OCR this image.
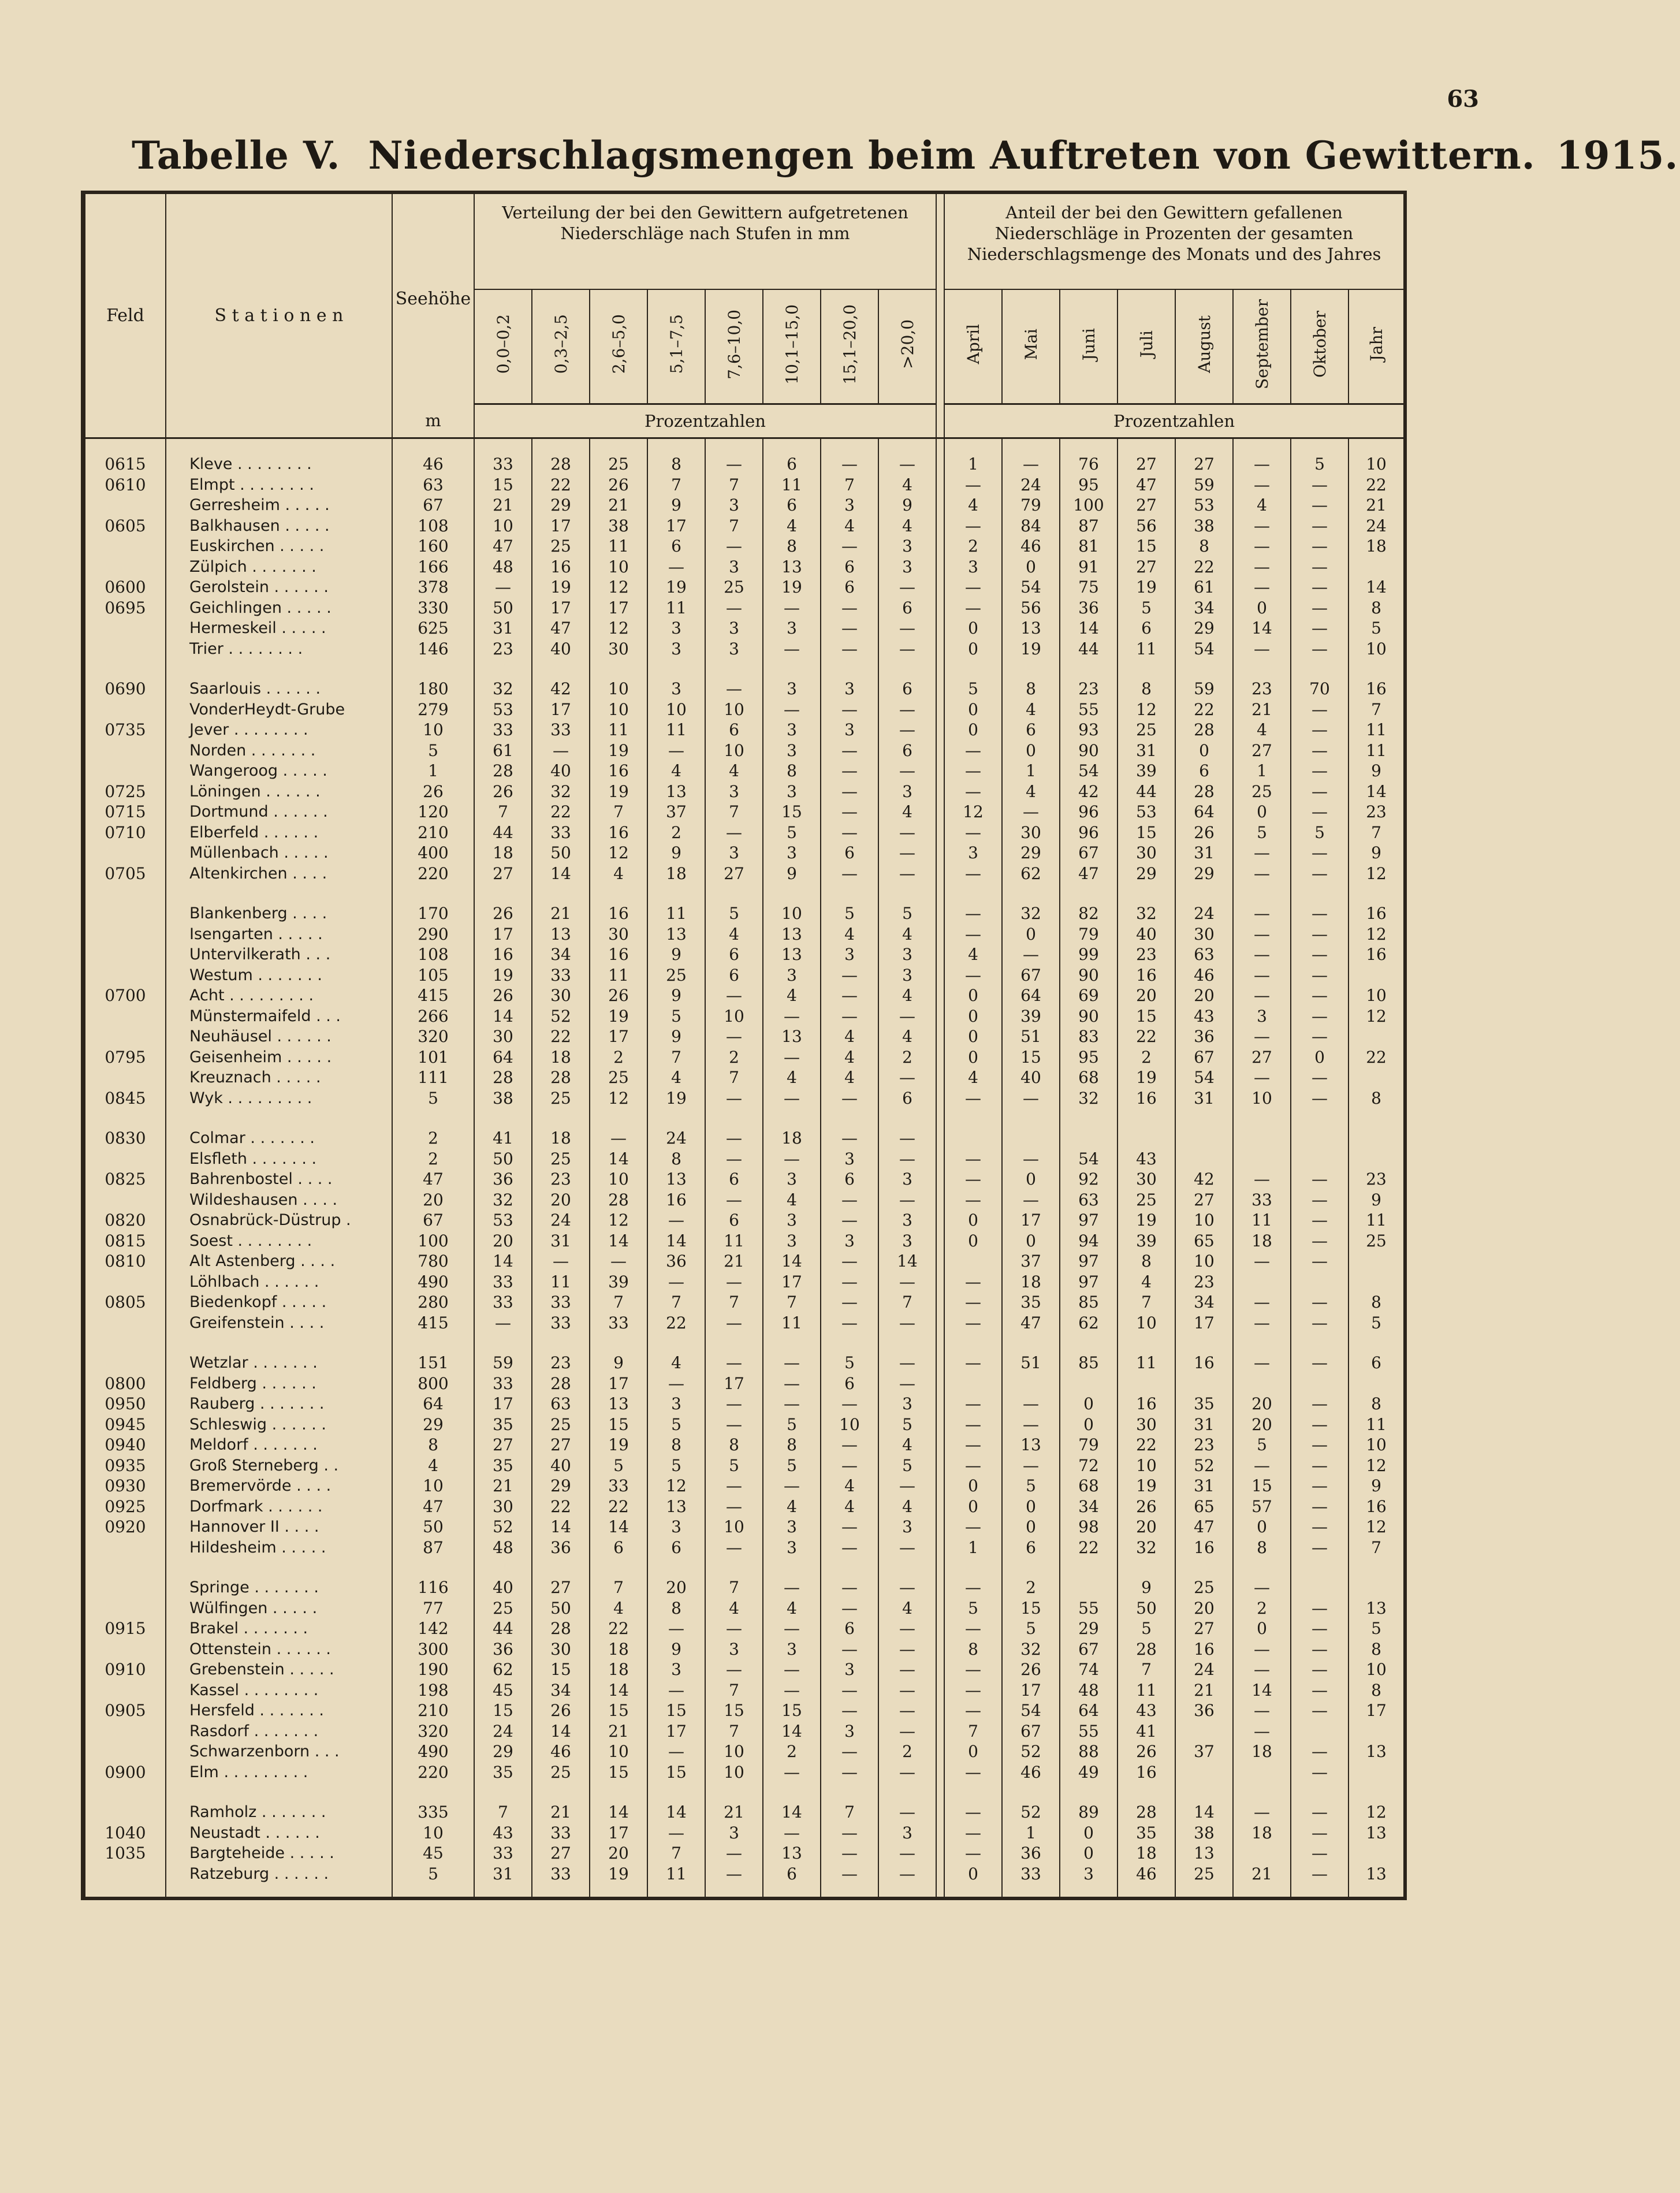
63
Tabelle V. Niederschlagsmengen beim Auftreten von Gewittern. 1915.
Feld	S t a t i o n e n	Seehöhe	Verteilung der bei den Gewittern aufgetretenen Niederschläge nach Stufen in mm									Anteil der bei den Gewittern gefallenen Niederschläge in Prozenten der gesamten Niederschlagsmenge des Monats und des Jahres							
			0,0–0,2	0,3–2,5	2,6–5,0	5,1–7,5	7,6–10,0	10,1–15,0	15,1–20,0	>20,0		April	Mai	Juni	Juli	August	September	Oktober	Jahr
		m	Prozentzahlen									Prozentzahlen							

0615	Kleve . . . . . . . .	46	33	28	25	8	—	6	—	—		1	—	76	27	27	—	5	10
0610	Elmpt . . . . . . . .	63	15	22	26	7	7	11	7	4		—	24	95	47	59	—	—	22
	Gerresheim . . . . .	67	21	29	21	9	3	6	3	9		4	79	100	27	53	4	—	21
0605	Balkhausen . . . . .	108	10	17	38	17	7	4	4	4		—	84	87	56	38	—	—	24
	Euskirchen . . . . .	160	47	25	11	6	—	8	—	3		2	46	81	15	8	—	—	18
	Zülpich . . . . . . .	166	48	16	10	—	3	13	6	3		3	0	91	27	22	—	—	
0600	Gerolstein . . . . . .	378	—	19	12	19	25	19	6	—		—	54	75	19	61	—	—	14
0695	Geichlingen . . . . .	330	50	17	17	11	—	—	—	6		—	56	36	5	34	0	—	8
	Hermeskeil . . . . .	625	31	47	12	3	3	3	—	—		0	13	14	6	29	14	—	5
	Trier . . . . . . . .	146	23	40	30	3	3	—	—	—		0	19	44	11	54	—	—	10

0690	Saarlouis . . . . . .	180	32	42	10	3	—	3	3	6		5	8	23	8	59	23	70	16
	VonderHeydt-Grube	279	53	17	10	10	10	—	—	—		0	4	55	12	22	21	—	7
0735	Jever . . . . . . . .	10	33	33	11	11	6	3	3	—		0	6	93	25	28	4	—	11
	Norden . . . . . . .	5	61	—	19	—	10	3	—	6		—	0	90	31	0	27	—	11
	Wangeroog . . . . .	1	28	40	16	4	4	8	—	—		—	1	54	39	6	1	—	9
0725	Löningen . . . . . .	26	26	32	19	13	3	3	—	3		—	4	42	44	28	25	—	14
0715	Dortmund . . . . . .	120	7	22	7	37	7	15	—	4		12	—	96	53	64	0	—	23
0710	Elberfeld . . . . . .	210	44	33	16	2	—	5	—	—		—	30	96	15	26	5	5	7
	Müllenbach . . . . .	400	18	50	12	9	3	3	6	—		3	29	67	30	31	—	—	9
0705	Altenkirchen . . . .	220	27	14	4	18	27	9	—	—		—	62	47	29	29	—	—	12

	Blankenberg . . . .	170	26	21	16	11	5	10	5	5		—	32	82	32	24	—	—	16
	Isengarten . . . . .	290	17	13	30	13	4	13	4	4		—	0	79	40	30	—	—	12
	Untervilkerath . . .	108	16	34	16	9	6	13	3	3		4	—	99	23	63	—	—	16
	Westum . . . . . . .	105	19	33	11	25	6	3	—	3		—	67	90	16	46	—	—	
0700	Acht . . . . . . . . .	415	26	30	26	9	—	4	—	4		0	64	69	20	20	—	—	10
	Münstermaifeld . . .	266	14	52	19	5	10	—	—	—		0	39	90	15	43	3	—	12
	Neuhäusel . . . . . .	320	30	22	17	9	—	13	4	4		0	51	83	22	36	—	—	
0795	Geisenheim . . . . .	101	64	18	2	7	2	—	4	2		0	15	95	2	67	27	0	22
	Kreuznach . . . . .	111	28	28	25	4	7	4	4	—		4	40	68	19	54	—	—	
0845	Wyk . . . . . . . . .	5	38	25	12	19	—	—	—	6		—	—	32	16	31	10	—	8

0830	Colmar . . . . . . .	2	41	18	—	24	—	18	—	—									
	Elsfleth . . . . . . .	2	50	25	14	8	—	—	3	—		—	—	54	43				
0825	Bahrenbostel . . . .	47	36	23	10	13	6	3	6	3		—	0	92	30	42	—	—	23
	Wildeshausen . . . .	20	32	20	28	16	—	4	—	—		—	—	63	25	27	33	—	9
0820	Osnabrück-Düstrup .	67	53	24	12	—	6	3	—	3		0	17	97	19	10	11	—	11
0815	Soest . . . . . . . .	100	20	31	14	14	11	3	3	3		0	0	94	39	65	18	—	25
0810	Alt Astenberg . . . .	780	14	—	—	36	21	14	—	14			37	97	8	10	—	—	
	Löhlbach . . . . . .	490	33	11	39	—	—	17	—	—		—	18	97	4	23			
0805	Biedenkopf . . . . .	280	33	33	7	7	7	7	—	7		—	35	85	7	34	—	—	8
	Greifenstein . . . .	415	—	33	33	22	—	11	—	—		—	47	62	10	17	—	—	5

	Wetzlar . . . . . . .	151	59	23	9	4	—	—	5	—		—	51	85	11	16	—	—	6
0800	Feldberg . . . . . .	800	33	28	17	—	17	—	6	—									
0950	Rauberg . . . . . . .	64	17	63	13	3	—	—	—	3		—	—	0	16	35	20	—	8
0945	Schleswig . . . . . .	29	35	25	15	5	—	5	10	5		—	—	0	30	31	20	—	11
0940	Meldorf . . . . . . .	8	27	27	19	8	8	8	—	4		—	13	79	22	23	5	—	10
0935	Groß Sterneberg . .	4	35	40	5	5	5	5	—	5		—	—	72	10	52	—	—	12
0930	Bremervörde . . . .	10	21	29	33	12	—	—	4	—		0	5	68	19	31	15	—	9
0925	Dorfmark . . . . . .	47	30	22	22	13	—	4	4	4		0	0	34	26	65	57	—	16
0920	Hannover II . . . .	50	52	14	14	3	10	3	—	3		—	0	98	20	47	0	—	12
	Hildesheim . . . . .	87	48	36	6	6	—	3	—	—		1	6	22	32	16	8	—	7

	Springe . . . . . . .	116	40	27	7	20	7	—	—	—		—	2		9	25	—		
	Wülfingen . . . . .	77	25	50	4	8	4	4	—	4		5	15	55	50	20	2	—	13
0915	Brakel . . . . . . .	142	44	28	22	—	—	—	6	—		—	5	29	5	27	0	—	5
	Ottenstein . . . . . .	300	36	30	18	9	3	3	—	—		8	32	67	28	16	—	—	8
0910	Grebenstein . . . . .	190	62	15	18	3	—	—	3	—		—	26	74	7	24	—	—	10
	Kassel . . . . . . . .	198	45	34	14	—	7	—	—	—		—	17	48	11	21	14	—	8
0905	Hersfeld . . . . . . .	210	15	26	15	15	15	15	—	—		—	54	64	43	36	—	—	17
	Rasdorf . . . . . . .	320	24	14	21	17	7	14	3	—		7	67	55	41		—		
	Schwarzenborn . . .	490	29	46	10	—	10	2	—	2		0	52	88	26	37	18	—	13
0900	Elm . . . . . . . . .	220	35	25	15	15	10	—	—	—		—	46	49	16			—	

	Ramholz . . . . . . .	335	7	21	14	14	21	14	7	—		—	52	89	28	14	—	—	12
1040	Neustadt . . . . . .	10	43	33	17	—	3	—	—	3		—	1	0	35	38	18	—	13
1035	Bargteheide . . . . .	45	33	27	20	7	—	13	—	—		—	36	0	18	13		—	
	Ratzeburg . . . . . .	5	31	33	19	11	—	6	—	—		0	33	3	46	25	21	—	13
